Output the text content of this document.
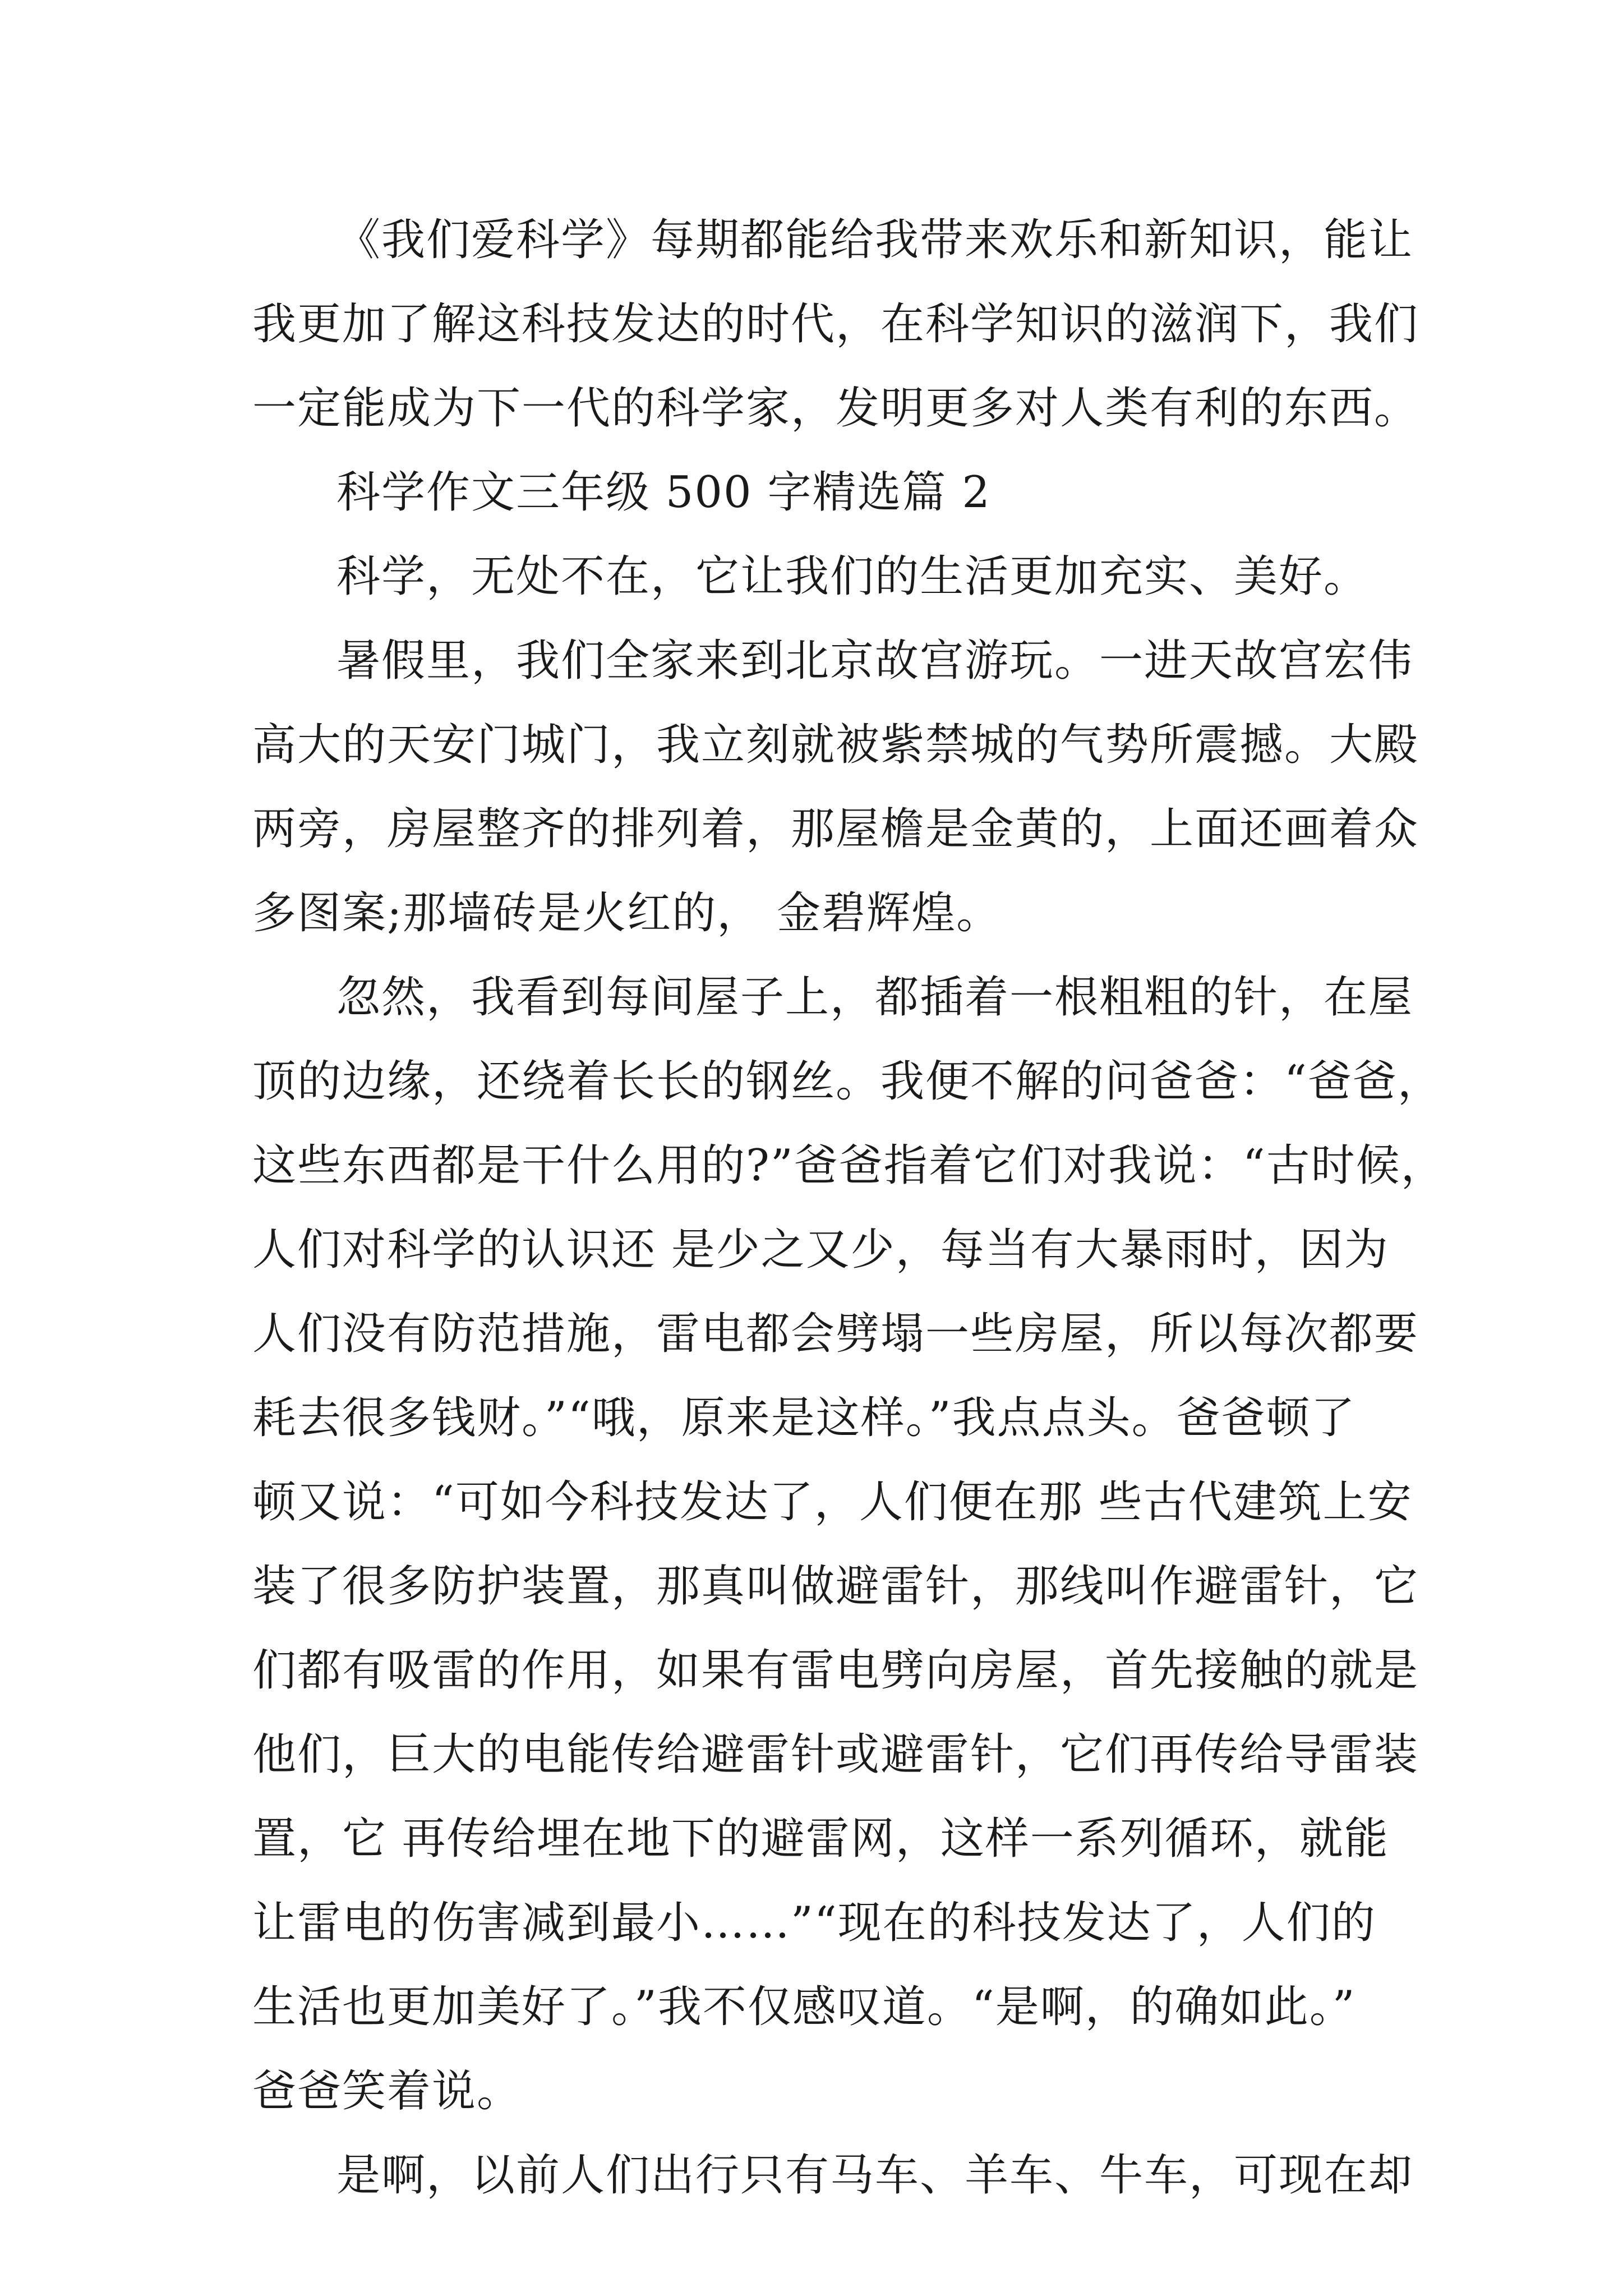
《我们爱科学》每期都能给我带来欢乐和新知识，能让
我更加了解这科技发达的时代，在科学知识的滋润下，我们
一定能成为下一代的科学家，发明更多对人类有利的东西。
科学作文三年级 500 字精选篇 2
科学，无处不在，它让我们的生活更加充实、美好。
暑假里，我们全家来到北京故宫游玩。一进天故宫宏伟
高大的天安门城门，我立刻就被紫禁城的气势所震撼。大殿
两旁，房屋整齐的排列着，那屋檐是金黄的，上面还画着众
多图案;那墙砖是火红的， 金碧辉煌。
忽然，我看到每间屋子上，都插着一根粗粗的针，在屋
顶的边缘，还绕着长长的钢丝。我便不解的问爸爸：“爸爸，
这些东西都是干什么用的?”爸爸指着它们对我说：“古时候，
人们对科学的认识还 是少之又少，每当有大暴雨时，因为
人们没有防范措施，雷电都会劈塌一些房屋，所以每次都要
耗去很多钱财。”“哦，原来是这样。”我点点头。爸爸顿了
顿又说：“可如今科技发达了，人们便在那 些古代建筑上安
装了很多防护装置，那真叫做避雷针，那线叫作避雷针，它
们都有吸雷的作用，如果有雷电劈向房屋，首先接触的就是
他们，巨大的电能传给避雷针或避雷针，它们再传给导雷装
置，它 再传给埋在地下的避雷网，这样一系列循环，就能
让雷电的伤害减到最小……”“现在的科技发达了，人们的
生活也更加美好了。”我不仅感叹道。“是啊，的确如此。”
爸爸笑着说。
是啊，以前人们出行只有马车、羊车、牛车，可现在却
